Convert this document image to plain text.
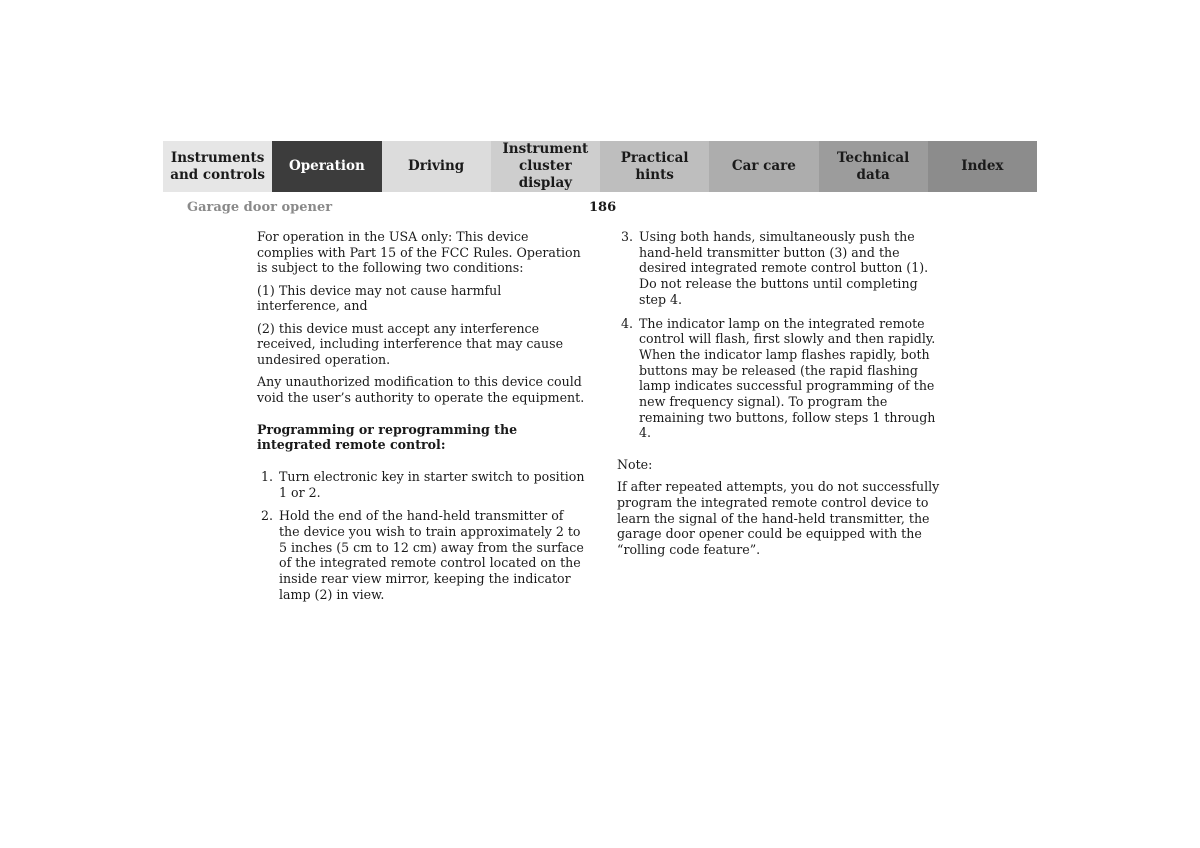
Instruments
and controls
Operation	Driving
Instrument
cluster display
Practical hints
Car care
Technical
data
Index
Garage door opener	186

For operation in the USA only: This device complies with Part 15 of the FCC Rules. Operation is subject to the following two conditions:

(1) This device may not cause harmful interference, and

(2) this device must accept any interference received, including interference that may cause undesired operation.

Any unauthorized modification to this device could void the user’s authority to operate the equipment.

Programming or reprogramming the integrated remote control:

1. Turn electronic key in starter switch to position 1 or 2.
2. Hold the end of the hand-held transmitter of the device you wish to train approximately 2 to 5 inches (5 cm to 12 cm) away from the surface of the integrated remote control located on the inside rear view mirror, keeping the indicator lamp (2) in view.
3. Using both hands, simultaneously push the hand-held transmitter button (3) and the desired integrated remote control button (1). Do not release the buttons until completing step 4.
4. The indicator lamp on the integrated remote control will flash, first slowly and then rapidly. When the indicator lamp flashes rapidly, both buttons may be released (the rapid flashing lamp indicates successful programming of the new frequency signal). To program the remaining two buttons, follow steps 1 through 4.

Note:

If after repeated attempts, you do not successfully program the integrated remote control device to learn the signal of the hand-held transmitter, the garage door opener could be equipped with the “rolling code feature”.
